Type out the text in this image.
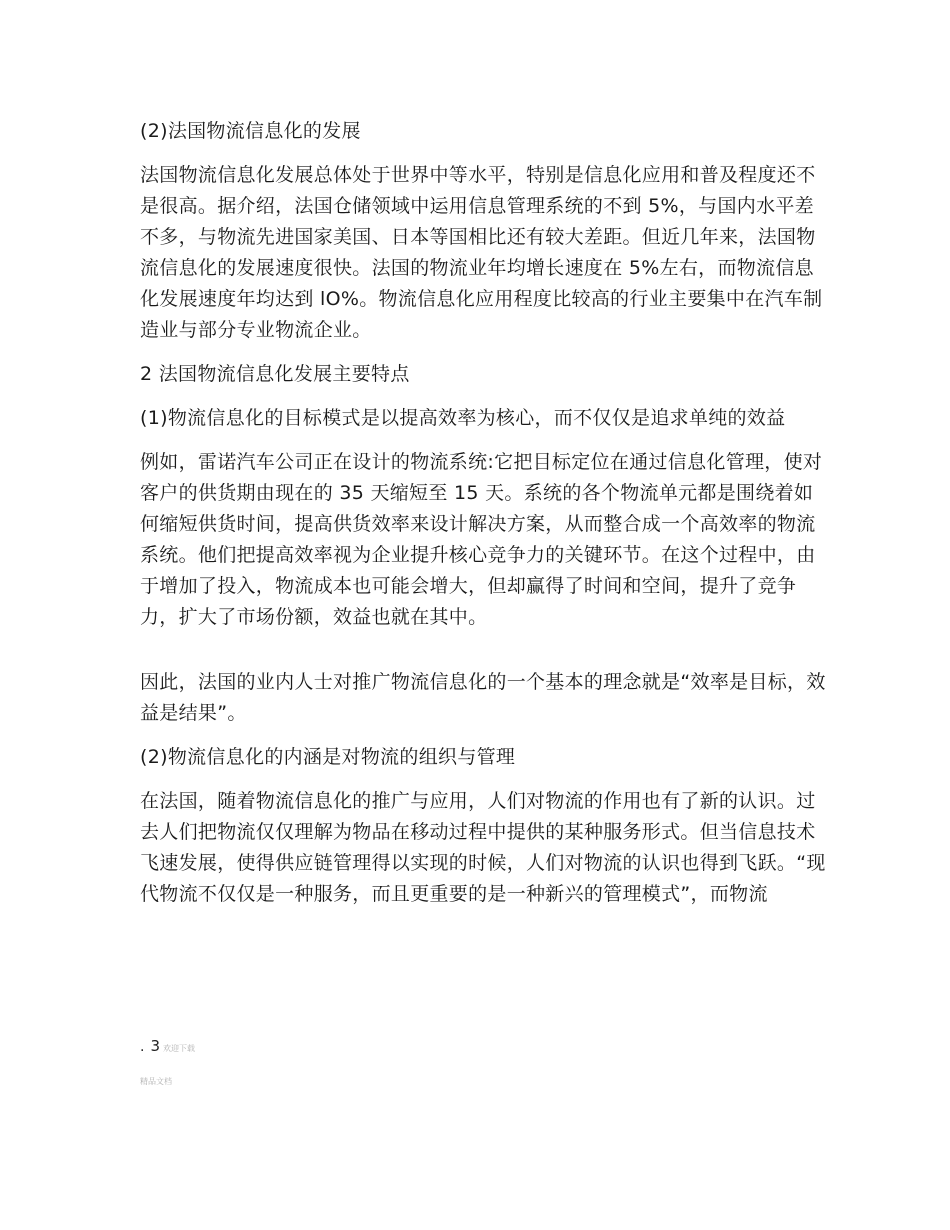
(2)法国物流信息化的发展

法国物流信息化发展总体处于世界中等水平，特别是信息化应用和普及程度还不是很高。据介绍，法国仓储领域中运用信息管理系统的不到 5%，与国内水平差不多，与物流先进国家美国、日本等国相比还有较大差距。但近几年来，法国物流信息化的发展速度很快。法国的物流业年均增长速度在 5%左右，而物流信息化发展速度年均达到 lO%。物流信息化应用程度比较高的行业主要集中在汽车制造业与部分专业物流企业。

2 法国物流信息化发展主要特点

(1)物流信息化的目标模式是以提高效率为核心，而不仅仅是追求单纯的效益

例如，雷诺汽车公司正在设计的物流系统:它把目标定位在通过信息化管理，使对客户的供货期由现在的 35 天缩短至 15 天。系统的各个物流单元都是围绕着如何缩短供货时间，提高供货效率来设计解决方案，从而整合成一个高效率的物流系统。他们把提高效率视为企业提升核心竞争力的关键环节。在这个过程中，由于增加了投入，物流成本也可能会增大，但却赢得了时间和空间，提升了竞争力，扩大了市场份额，效益也就在其中。

因此，法国的业内人士对推广物流信息化的一个基本的理念就是“效率是目标，效益是结果”。

(2)物流信息化的内涵是对物流的组织与管理

在法国，随着物流信息化的推广与应用，人们对物流的作用也有了新的认识。过去人们把物流仅仅理解为物品在移动过程中提供的某种服务形式。但当信息技术飞速发展，使得供应链管理得以实现的时候，人们对物流的认识也得到飞跃。“现代物流不仅仅是一种服务，而且更重要的是一种新兴的管理模式”，而物流

. 3 欢迎下载
精品文档
